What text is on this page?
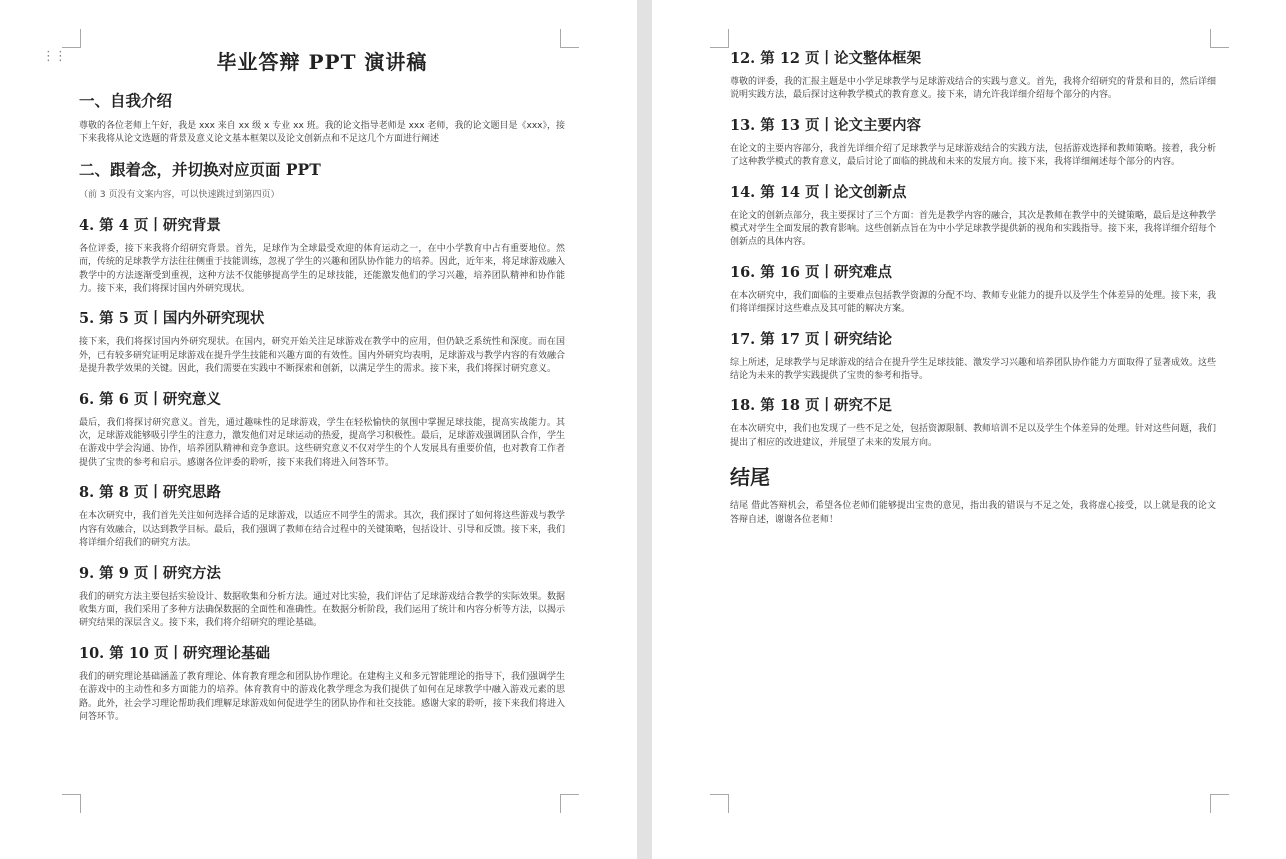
⋮⋮	毕业答辩 PPT 演讲稿
一、自我介绍
尊敬的各位老师上午好，我是 xxx 来自 xx 级 x 专业 xx 班。我的论文指导老师是 xxx 老师，我的论文题目是《xxx》，接下来我将从论文选题的背景及意义论文基本框架以及论文创新点和不足这几个方面进行阐述
二、跟着念，并切换对应页面 PPT
（前 3 页没有文案内容，可以快速跳过到第四页）
4. 第 4 页丨研究背景
各位评委，接下来我将介绍研究背景。首先，足球作为全球最受欢迎的体育运动之一，在中小学教育中占有重要地位。然而，传统的足球教学方法往往侧重于技能训练，忽视了学生的兴趣和团队协作能力的培养。因此，近年来，将足球游戏融入教学中的方法逐渐受到重视，这种方法不仅能够提高学生的足球技能，还能激发他们的学习兴趣，培养团队精神和协作能力。接下来，我们将探讨国内外研究现状。
5. 第 5 页丨国内外研究现状
接下来，我们将探讨国内外研究现状。在国内，研究开始关注足球游戏在教学中的应用，但仍缺乏系统性和深度。而在国外，已有较多研究证明足球游戏在提升学生技能和兴趣方面的有效性。国内外研究均表明，足球游戏与教学内容的有效融合是提升教学效果的关键。因此，我们需要在实践中不断探索和创新，以满足学生的需求。接下来，我们将探讨研究意义。
6. 第 6 页丨研究意义
最后，我们将探讨研究意义。首先，通过趣味性的足球游戏，学生在轻松愉快的氛围中掌握足球技能，提高实战能力。其次，足球游戏能够吸引学生的注意力，激发他们对足球运动的热爱，提高学习积极性。最后，足球游戏强调团队合作，学生在游戏中学会沟通、协作，培养团队精神和竞争意识。这些研究意义不仅对学生的个人发展具有重要价值，也对教育工作者提供了宝贵的参考和启示。感谢各位评委的聆听，接下来我们将进入问答环节。
8. 第 8 页丨研究思路
在本次研究中，我们首先关注如何选择合适的足球游戏，以适应不同学生的需求。其次，我们探讨了如何将这些游戏与教学内容有效融合，以达到教学目标。最后，我们强调了教师在结合过程中的关键策略，包括设计、引导和反馈。接下来，我们将详细介绍我们的研究方法。
9. 第 9 页丨研究方法
我们的研究方法主要包括实验设计、数据收集和分析方法。通过对比实验，我们评估了足球游戏结合教学的实际效果。数据收集方面，我们采用了多种方法确保数据的全面性和准确性。在数据分析阶段，我们运用了统计和内容分析等方法，以揭示研究结果的深层含义。接下来，我们将介绍研究的理论基础。
10. 第 10 页丨研究理论基础
我们的研究理论基础涵盖了教育理论、体育教育理念和团队协作理论。在建构主义和多元智能理论的指导下，我们强调学生在游戏中的主动性和多方面能力的培养。体育教育中的游戏化教学理念为我们提供了如何在足球教学中融入游戏元素的思路。此外，社会学习理论帮助我们理解足球游戏如何促进学生的团队协作和社交技能。感谢大家的聆听，接下来我们将进入问答环节。
12. 第 12 页丨论文整体框架
尊敬的评委，我的汇报主题是中小学足球教学与足球游戏结合的实践与意义。首先，我将介绍研究的背景和目的，然后详细说明实践方法，最后探讨这种教学模式的教育意义。接下来，请允许我详细介绍每个部分的内容。
13. 第 13 页丨论文主要内容
在论文的主要内容部分，我首先详细介绍了足球教学与足球游戏结合的实践方法，包括游戏选择和教师策略。接着，我分析了这种教学模式的教育意义，最后讨论了面临的挑战和未来的发展方向。接下来，我将详细阐述每个部分的内容。
14. 第 14 页丨论文创新点
在论文的创新点部分，我主要探讨了三个方面：首先是教学内容的融合，其次是教师在教学中的关键策略，最后是这种教学模式对学生全面发展的教育影响。这些创新点旨在为中小学足球教学提供新的视角和实践指导。接下来，我将详细介绍每个创新点的具体内容。
16. 第 16 页丨研究难点
在本次研究中，我们面临的主要难点包括教学资源的分配不均、教师专业能力的提升以及学生个体差异的处理。接下来，我们将详细探讨这些难点及其可能的解决方案。
17. 第 17 页丨研究结论
综上所述，足球教学与足球游戏的结合在提升学生足球技能、激发学习兴趣和培养团队协作能力方面取得了显著成效。这些结论为未来的教学实践提供了宝贵的参考和指导。
18. 第 18 页丨研究不足
在本次研究中，我们也发现了一些不足之处，包括资源限制、教师培训不足以及学生个体差异的处理。针对这些问题，我们提出了相应的改进建议，并展望了未来的发展方向。
结尾
结尾 借此答辩机会，希望各位老师们能够提出宝贵的意见，指出我的错误与不足之处，我将虚心接受，以上就是我的论文答辩自述，谢谢各位老师！
